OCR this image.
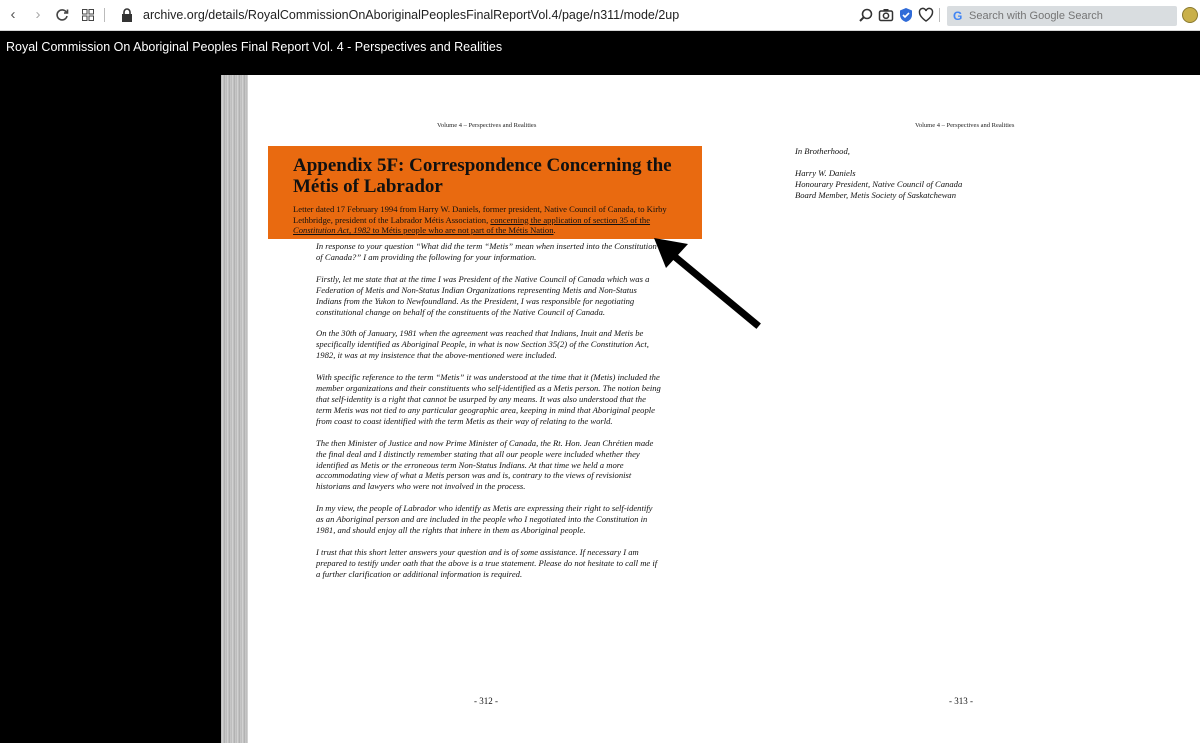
‹	›	archive.org/details/RoyalCommissionOnAboriginalPeoplesFinalReportVol.4/page/n311/mode/2up	G
Search with Google Search
Royal Commission On Aboriginal Peoples Final Report Vol. 4 - Perspectives and Realities
Volume 4 – Perspectives and Realities
Appendix 5F: Correspondence Concerning the Métis of Labrador

Letter dated 17 February 1994 from Harry W. Daniels, former president, Native Council of Canada, to Kirby Lethbridge, president of the Labrador Métis Association, concerning the application of section 35 of the Constitution Act, 1982 to Métis people who are not part of the Métis Nation.

In response to your question “What did the term “Metis” mean when inserted into the Constitution of Canada?” I am providing the following for your information.

Firstly, let me state that at the time I was President of the Native Council of Canada which was a Federation of Metis and Non-Status Indian Organizations representing Metis and Non-Status Indians from the Yukon to Newfoundland. As the President, I was responsible for negotiating constitutional change on behalf of the constituents of the Native Council of Canada.

On the 30th of January, 1981 when the agreement was reached that Indians, Inuit and Metis be specifically identified as Aboriginal People, in what is now Section 35(2) of the Constitution Act, 1982, it was at my insistence that the above-mentioned were included.

With specific reference to the term “Metis” it was understood at the time that it (Metis) included the member organizations and their constituents who self-identified as a Metis person. The notion being that self-identity is a right that cannot be usurped by any means. It was also understood that the term Metis was not tied to any particular geographic area, keeping in mind that Aboriginal people from coast to coast identified with the term Metis as their way of relating to the world.

The then Minister of Justice and now Prime Minister of Canada, the Rt. Hon. Jean Chrétien made the final deal and I distinctly remember stating that all our people were included whether they identified as Metis or the erroneous term Non-Status Indians. At that time we held a more accommodating view of what a Metis person was and is, contrary to the views of revisionist historians and lawyers who were not involved in the process.

In my view, the people of Labrador who identify as Metis are expressing their right to self-identify as an Aboriginal person and are included in the people who I negotiated into the Constitution in 1981, and should enjoy all the rights that inhere in them as Aboriginal people.

I trust that this short letter answers your question and is of some assistance. If necessary I am prepared to testify under oath that the above is a true statement. Please do not hesitate to call me if a further clarification or additional information is required.

- 312 -
Volume 4 – Perspectives and Realities

In Brotherhood,

Harry W. Daniels
Honourary President, Native Council of Canada
Board Member, Metis Society of Saskatchewan
- 313 -
